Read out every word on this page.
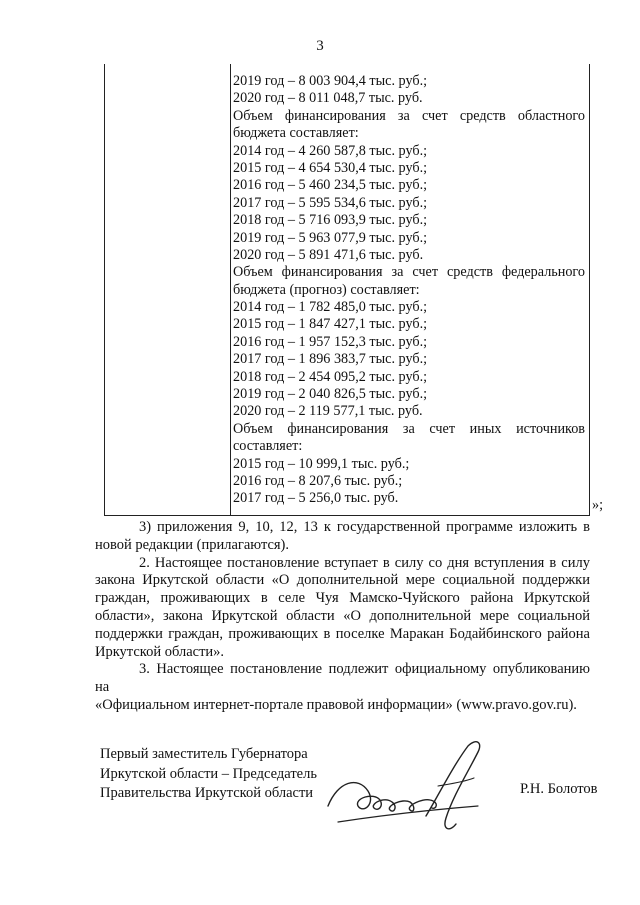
3
2019 год – 8 003 904,4 тыс. руб.;
2020 год – 8 011 048,7 тыс. руб.
Объем финансирования за счет средств областного
бюджета составляет:
2014 год – 4 260 587,8 тыс. руб.;
2015 год – 4 654 530,4 тыс. руб.;
2016 год – 5 460 234,5 тыс. руб.;
2017 год – 5 595 534,6 тыс. руб.;
2018 год – 5 716 093,9 тыс. руб.;
2019 год – 5 963 077,9 тыс. руб.;
2020 год – 5 891 471,6 тыс. руб.
Объем финансирования за счет средств федерального
бюджета (прогноз) составляет:
2014 год – 1 782 485,0 тыс. руб.;
2015 год – 1 847 427,1 тыс. руб.;
2016 год – 1 957 152,3 тыс. руб.;
2017 год – 1 896 383,7 тыс. руб.;
2018 год – 2 454 095,2 тыс. руб.;
2019 год – 2 040 826,5 тыс. руб.;
2020 год – 2 119 577,1 тыс. руб.
Объем финансирования за счет иных источников
составляет:
2015 год – 10 999,1 тыс. руб.;
2016 год – 8 207,6 тыс. руб.;
2017 год – 5 256,0 тыс. руб.	»;

3) приложения 9, 10, 12, 13 к государственной программе изложить в
новой редакции (прилагаются).

2. Настоящее постановление вступает в силу со дня вступления в силу
закона Иркутской области «О дополнительной мере социальной поддержки
граждан, проживающих в селе Чуя Мамско-Чуйского района Иркутской
области», закона Иркутской области «О дополнительной мере социальной
поддержки граждан, проживающих в поселке Маракан Бодайбинского района
Иркутской области».

3. Настоящее постановление подлежит официальному опубликованию на
«Официальном интернет-портале правовой информации» (www.pravo.gov.ru).

Первый заместитель Губернатора
Иркутской области – Председатель
Правительства Иркутской области	Р.Н. Болотов
